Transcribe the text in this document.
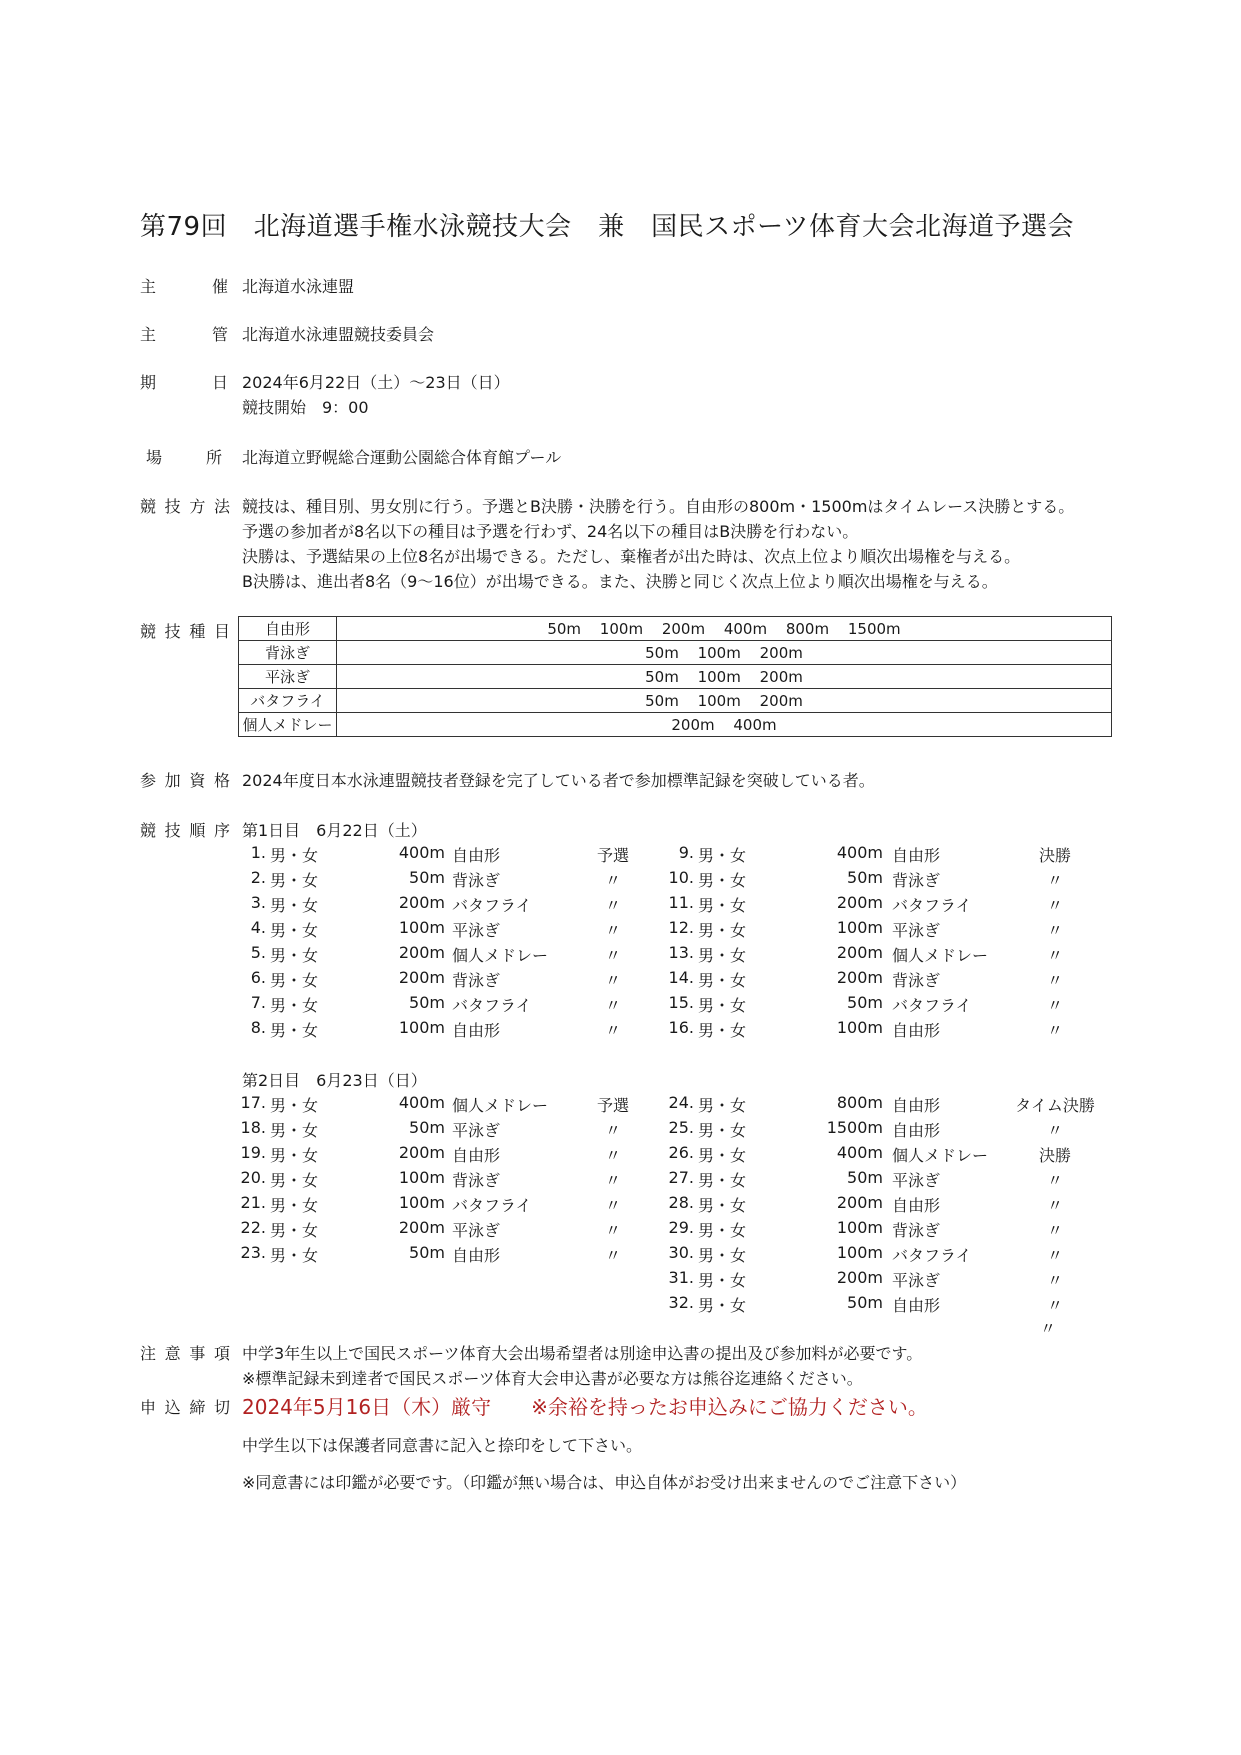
第79回　北海道選手権水泳競技大会　兼　国民スポーツ体育大会北海道予選会
主	催 北海道水泳連盟
主	管 北海道水泳連盟競技委員会
期	日 2024年6月22日（土）～23日（日）
競技開始　9：00
場	所 北海道立野幌総合運動公園総合体育館プール
競 技 方 法 競技は、種目別、男女別に行う。予選とB決勝・決勝を行う。自由形の800m・1500mはタイムレース決勝とする。
予選の参加者が8名以下の種目は予選を行わず、24名以下の種目はB決勝を行わない。
決勝は、予選結果の上位8名が出場できる。ただし、棄権者が出た時は、次点上位より順次出場権を与える。
B決勝は、進出者8名（9～16位）が出場できる。また、決勝と同じく次点上位より順次出場権を与える。
競 技 種 目 自由形	50m 100m 200m 400m 800m 1500m
背泳ぎ	50m 100m 200m
平泳ぎ	50m 100m 200m
バタフライ	50m 100m 200m
個人メドレー	200m 400m
参 加 資 格 2024年度日本水泳連盟競技者登録を完了している者で参加標準記録を突破している者。
競 技 順 序 第1日目　6月22日（土）
1. 男・女	400m 自由形	予選
2. 男・女	50m 背泳ぎ	〃
3. 男・女	200m バタフライ	〃
4. 男・女	100m 平泳ぎ	〃
5. 男・女	200m 個人メドレー	〃
6. 男・女	200m 背泳ぎ	〃
7. 男・女	50m バタフライ	〃
8. 男・女	100m 自由形	〃
9. 男・女	400m 自由形	決勝
10. 男・女	50m 背泳ぎ	〃
11. 男・女	200m バタフライ	〃
12. 男・女	100m 平泳ぎ	〃
13. 男・女	200m 個人メドレー	〃
14. 男・女	200m 背泳ぎ	〃
15. 男・女	50m バタフライ	〃
16. 男・女	100m 自由形	〃
第2日目　6月23日（日）
17. 男・女	400m 個人メドレー	予選
18. 男・女	50m 平泳ぎ	〃
19. 男・女	200m 自由形	〃
20. 男・女	100m 背泳ぎ	〃
21. 男・女	100m バタフライ	〃
22. 男・女	200m 平泳ぎ	〃
23. 男・女	50m 自由形	〃
24. 男・女	800m 自由形	タイム決勝
25. 男・女	1500m 自由形	〃
26. 男・女	400m 個人メドレー	決勝
27. 男・女	50m 平泳ぎ	〃
28. 男・女	200m 自由形	〃
29. 男・女	100m 背泳ぎ	〃
30. 男・女	100m バタフライ	〃
31. 男・女	200m 平泳ぎ	〃
32. 男・女	50m 自由形	〃
〃
注 意 事 項 中学3年生以上で国民スポーツ体育大会出場希望者は別途申込書の提出及び参加料が必要です。
※標準記録未到達者で国民スポーツ体育大会申込書が必要な方は熊谷迄連絡ください。
申 込 締 切 2024年5月16日（木）厳守　　※余裕を持ったお申込みにご協力ください。
中学生以下は保護者同意書に記入と捺印をして下さい。
※同意書には印鑑が必要です。（印鑑が無い場合は、申込自体がお受け出来ませんのでご注意下さい）
